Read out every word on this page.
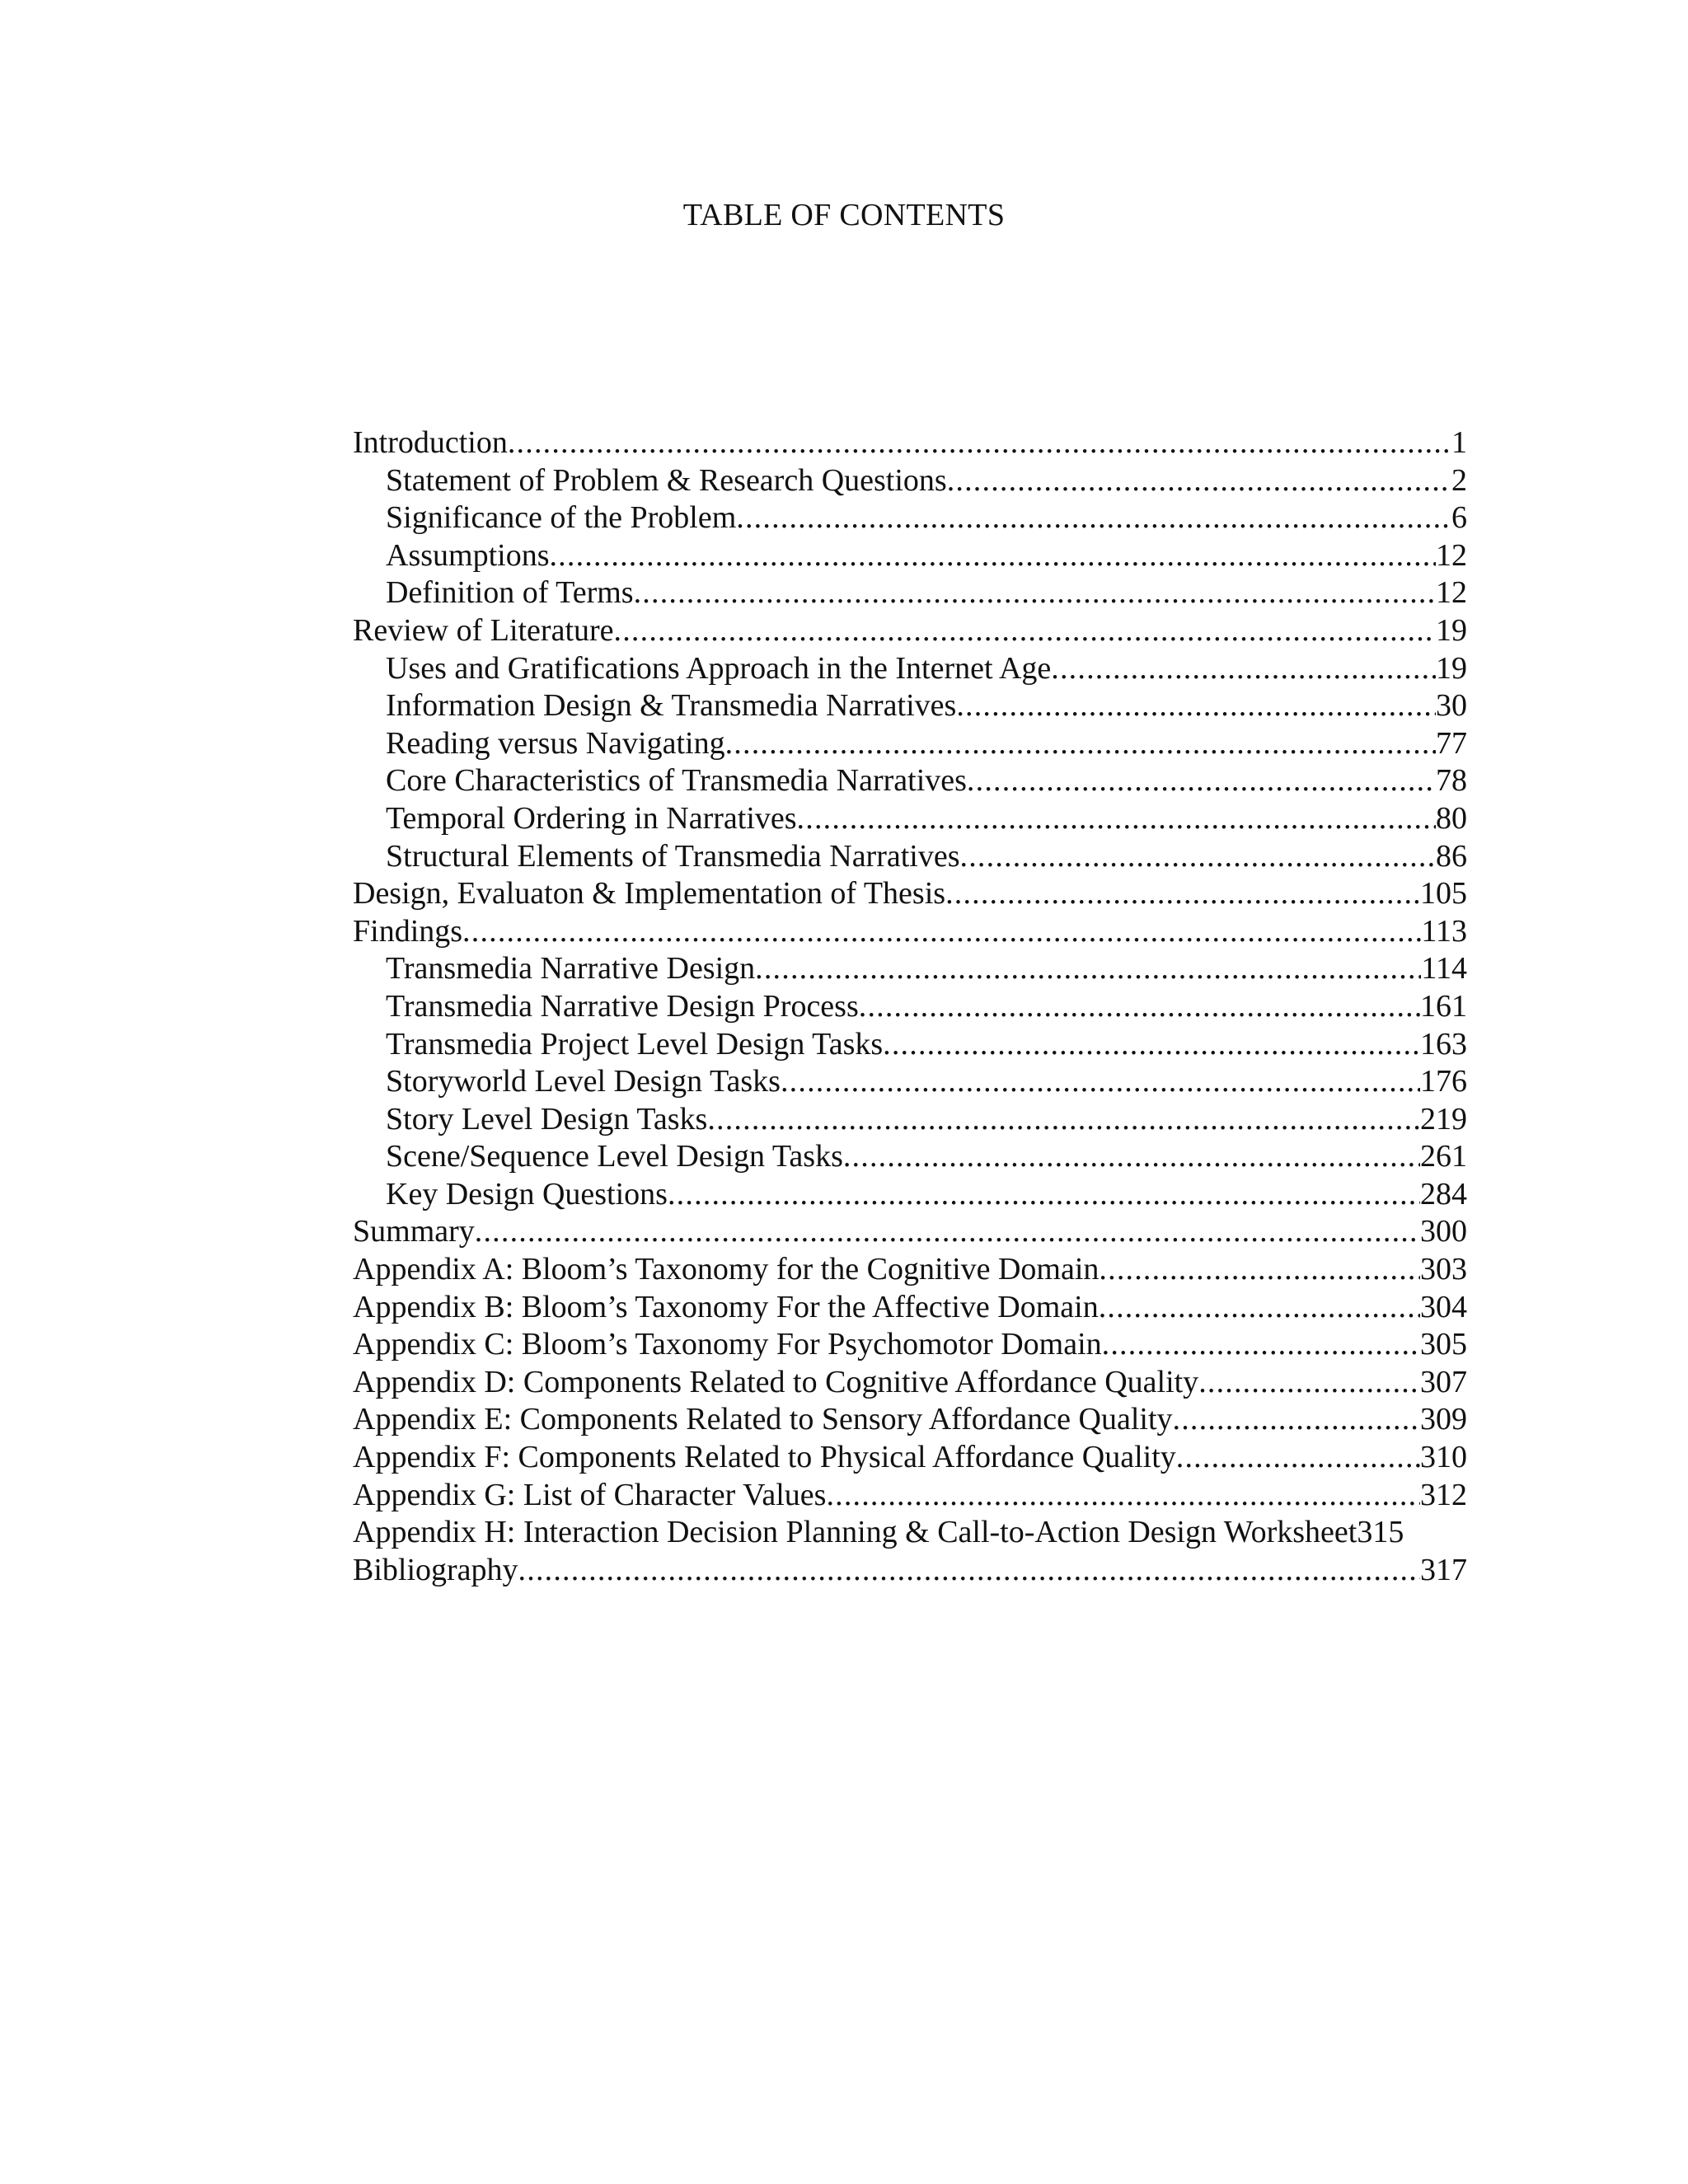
TABLE OF CONTENTS
Introduction .....	1
Statement of Problem & Research Questions .....	2
Significance of the Problem .....	6
Assumptions .....	12
Definition of Terms .....	12
Review of Literature .....	19
Uses and Gratifications Approach in the Internet Age .....	19
Information Design & Transmedia Narratives .....	30
Reading versus Navigating .....	77
Core Characteristics of Transmedia Narratives .....	78
Temporal Ordering in Narratives .....	80
Structural Elements of Transmedia Narratives .....	86
Design, Evaluaton & Implementation of Thesis .....	105
Findings .....	113
Transmedia Narrative Design .....	114
Transmedia Narrative Design Process .....	161
Transmedia Project Level Design Tasks .....	163
Storyworld Level Design Tasks .....	176
Story Level Design Tasks .....	219
Scene/Sequence Level Design Tasks .....	261
Key Design Questions .....	284
Summary .....	300
Appendix A: Bloom’s Taxonomy for the Cognitive Domain .....	303
Appendix B: Bloom’s Taxonomy For the Affective Domain .....	304
Appendix C: Bloom’s Taxonomy For Psychomotor Domain .....	305
Appendix D: Components Related to Cognitive Affordance Quality .....	307
Appendix E: Components Related to Sensory Affordance Quality .....	309
Appendix F: Components Related to Physical Affordance Quality .....	310
Appendix G: List of Character Values .....	312
Appendix H: Interaction Decision Planning & Call-to-Action Design Worksheet 315
Bibliography .....	317
